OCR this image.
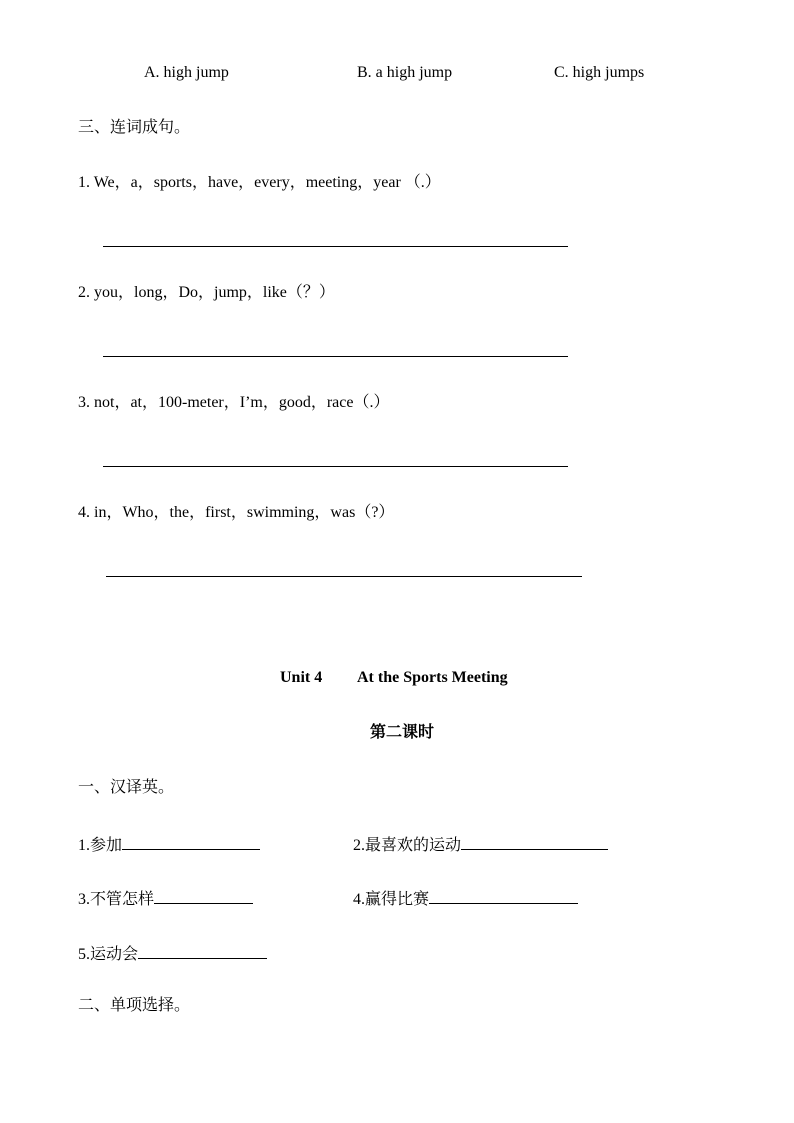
A. high jump	B. a high jump	C. high jumps
三、连词成句。
1. We，a，sports，have，every，meeting，year （.）
2. you，long，Do，jump，like（？）
3. not，at，100-meter，I’m，good，race（.）
4. in，Who，the，first，swimming，was（?）
Unit 4 At the Sports Meeting
第二课时
一、汉译英。
1.参加	2.最喜欢的运动
3.不管怎样	4.赢得比赛
5.运动会
二、单项选择。
